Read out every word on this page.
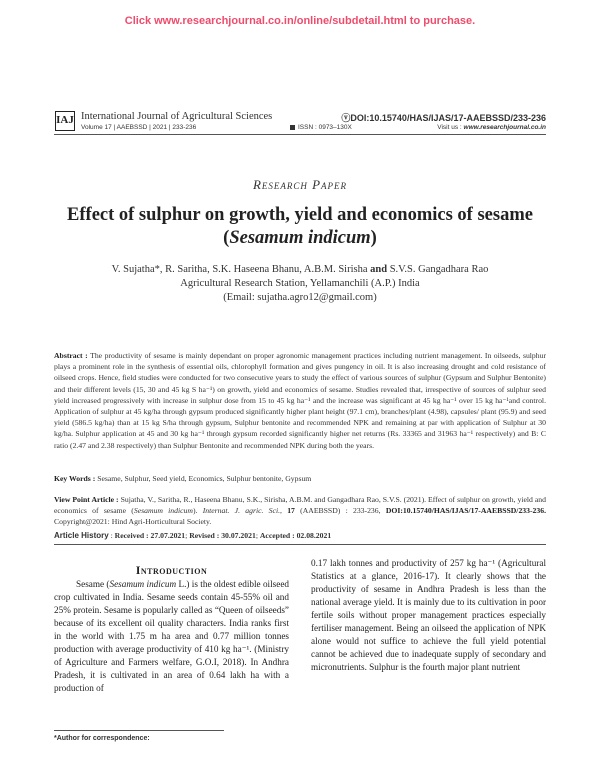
Click www.researchjournal.co.in/online/subdetail.html to purchase.
IAJ International Journal of Agricultural Sciences
Volume 17 | AAEBSSD | 2021 | 233-236
ⓥDOI:10.15740/HAS/IJAS/17-AAEBSSD/233-236
ISSN : 0973–130X	Visit us : www.researchjournal.co.in
Research Paper
Effect of sulphur on growth, yield and economics of sesame
(Sesamum indicum)
V. Sujatha*, R. Saritha, S.K. Haseena Bhanu, A.B.M. Sirisha and S.V.S. Gangadhara Rao
Agricultural Research Station, Yellamanchili (A.P.) India
(Email: sujatha.agro12@gmail.com)
Abstract : The productivity of sesame is mainly dependant on proper agronomic management practices including nutrient management. In oilseeds, sulphur plays a prominent role in the synthesis of essential oils, chlorophyll formation and gives pungency in oil. It is also increasing drought and cold resistance of oilseed crops. Hence, field studies were conducted for two consecutive years to study the effect of various sources of sulphur (Gypsum and Sulphur Bentonite) and their different levels (15, 30 and 45 kg S ha⁻¹) on growth, yield and economics of sesame. Studies revealed that, irrespective of sources of sulphur seed yield increased progressively with increase in sulphur dose from 15 to 45 kg ha⁻¹ and the increase was significant at 45 kg ha⁻¹ over 15 kg ha⁻¹and control. Application of sulphur at 45 kg/ha through gypsum produced significantly higher plant height (97.1 cm), branches/plant (4.98), capsules/ plant (95.9) and seed yield (586.5 kg/ha) than at 15 kg S/ha through gypsum, Sulphur bentonite and recommended NPK and remaining at par with application of Sulphur at 30 kg/ha. Sulphur application at 45 and 30 kg ha⁻¹ through gypsum recorded significantly higher net returns (Rs. 33365 and 31963 ha⁻¹ respectively) and B: C ratio (2.47 and 2.38 respectively) than Sulphur Bentonite and recommended NPK during both the years.
Key Words : Sesame, Sulphur, Seed yield, Economics, Sulphur bentonite, Gypsum
View Point Article : Sujatha, V., Saritha, R., Haseena Bhanu, S.K., Sirisha, A.B.M. and Gangadhara Rao, S.V.S. (2021). Effect of sulphur on growth, yield and economics of sesame (Sesamum indicum). Internat. J. agric. Sci., 17 (AAEBSSD) : 233-236, DOI:10.15740/HAS/IJAS/17-AAEBSSD/233-236. Copyright@2021: Hind Agri-Horticultural Society.
Article History : Received : 27.07.2021; Revised : 30.07.2021; Accepted : 02.08.2021
Introduction
Sesame (Sesamum indicum L.) is the oldest edible oilseed crop cultivated in India. Sesame seeds contain 45-55% oil and 25% protein. Sesame is popularly called as “Queen of oilseeds” because of its excellent oil quality characters. India ranks first in the world with 1.75 m ha area and 0.77 million tonnes production with average productivity of 410 kg ha⁻¹. (Ministry of Agriculture and Farmers welfare, G.O.I, 2018). In Andhra Pradesh, it is cultivated in an area of 0.64 lakh ha with a production of
0.17 lakh tonnes and productivity of 257 kg ha⁻¹ (Agricultural Statistics at a glance, 2016-17). It clearly shows that the productivity of sesame in Andhra Pradesh is less than the national average yield. It is mainly due to its cultivation in poor fertile soils without proper management practices especially fertiliser management. Being an oilseed the application of NPK alone would not suffice to achieve the full yield potential cannot be achieved due to inadequate supply of secondary and micronutrients. Sulphur is the fourth major plant nutrient
*Author for correspondence:
